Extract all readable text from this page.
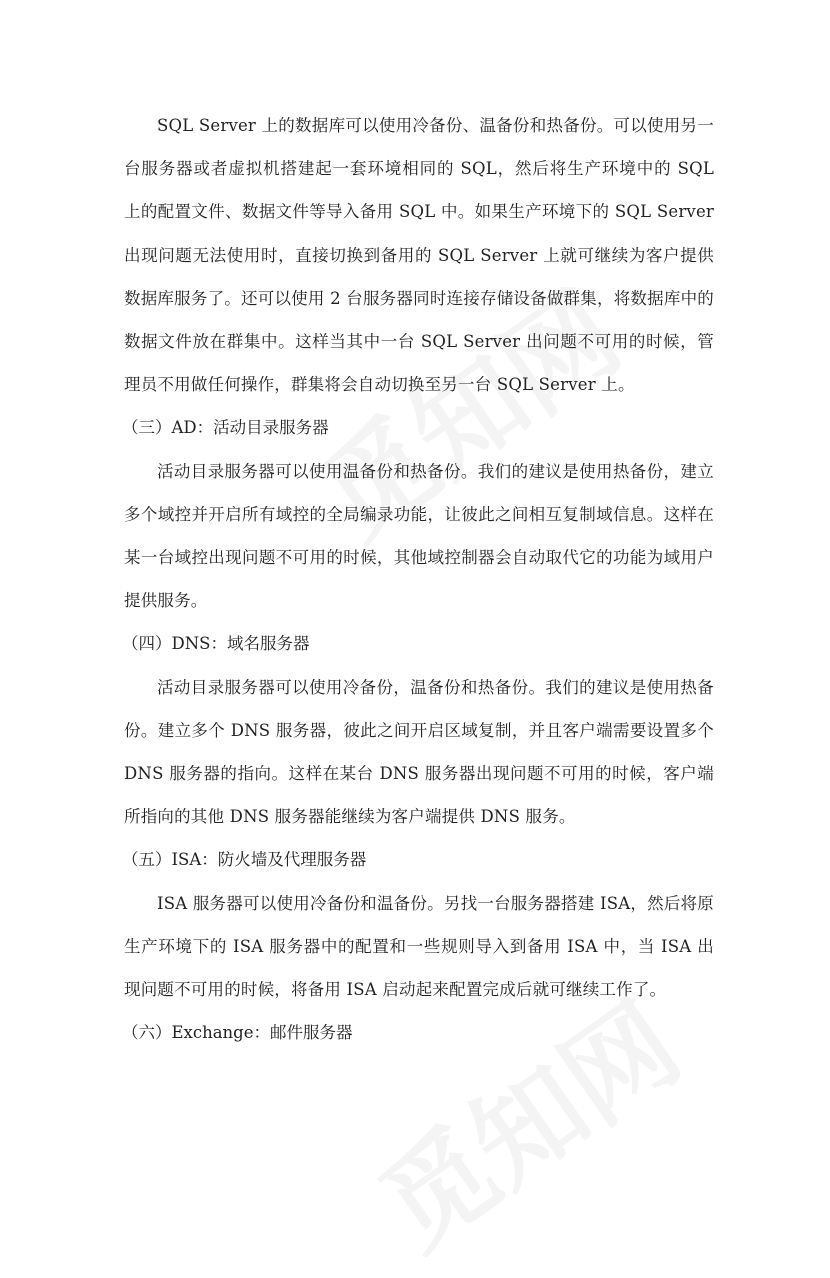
SQL Server 上的数据库可以使用冷备份、温备份和热备份。可以使用另一台服务器或者虚拟机搭建起一套环境相同的 SQL，然后将生产环境中的 SQL 上的配置文件、数据文件等导入备用 SQL 中。如果生产环境下的 SQL Server 出现问题无法使用时，直接切换到备用的 SQL Server 上就可继续为客户提供数据库服务了。还可以使用 2 台服务器同时连接存储设备做群集，将数据库中的数据文件放在群集中。这样当其中一台 SQL Server 出问题不可用的时候，管理员不用做任何操作，群集将会自动切换至另一台 SQL Server 上。

（三）AD：活动目录服务器

活动目录服务器可以使用温备份和热备份。我们的建议是使用热备份，建立多个域控并开启所有域控的全局编录功能，让彼此之间相互复制域信息。这样在某一台域控出现问题不可用的时候，其他域控制器会自动取代它的功能为域用户提供服务。

（四）DNS：域名服务器

活动目录服务器可以使用冷备份，温备份和热备份。我们的建议是使用热备份。建立多个 DNS 服务器，彼此之间开启区域复制，并且客户端需要设置多个 DNS 服务器的指向。这样在某台 DNS 服务器出现问题不可用的时候，客户端所指向的其他 DNS 服务器能继续为客户端提供 DNS 服务。

（五）ISA：防火墙及代理服务器

ISA 服务器可以使用冷备份和温备份。另找一台服务器搭建 ISA，然后将原生产环境下的 ISA 服务器中的配置和一些规则导入到备用 ISA 中，当 ISA 出现问题不可用的时候，将备用 ISA 启动起来配置完成后就可继续工作了。

（六）Exchange：邮件服务器
